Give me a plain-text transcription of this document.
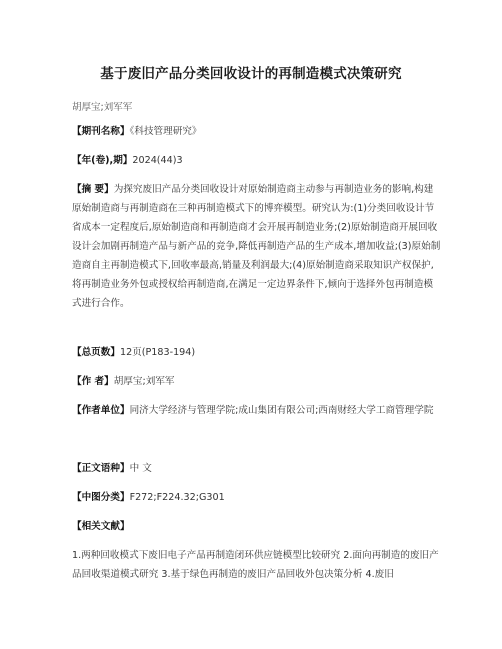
基于废旧产品分类回收设计的再制造模式决策研究
胡厚宝;刘军军
【期刊名称】《科技管理研究》
【年(卷),期】2024(44)3
【摘 要】为探究废旧产品分类回收设计对原始制造商主动参与再制造业务的影响,构建原始制造商与再制造商在三种再制造模式下的博弈模型。研究认为:(1)分类回收设计节省成本一定程度后,原始制造商和再制造商才会开展再制造业务;(2)原始制造商开展回收设计会加剧再制造产品与新产品的竞争,降低再制造产品的生产成本,增加收益;(3)原始制造商自主再制造模式下,回收率最高,销量及利润最大;(4)原始制造商采取知识产权保护,将再制造业务外包或授权给再制造商,在满足一定边界条件下,倾向于选择外包再制造模式进行合作。
【总页数】12页(P183-194)
【作 者】胡厚宝;刘军军
【作者单位】同济大学经济与管理学院;成山集团有限公司;西南财经大学工商管理学院
【正文语种】中 文
【中图分类】F272;F224.32;G301
【相关文献】
1.两种回收模式下废旧电子产品再制造闭环供应链模型比较研究 2.面向再制造的废旧产品回收渠道模式研究 3.基于绿色再制造的废旧产品回收外包决策分析 4.废旧
